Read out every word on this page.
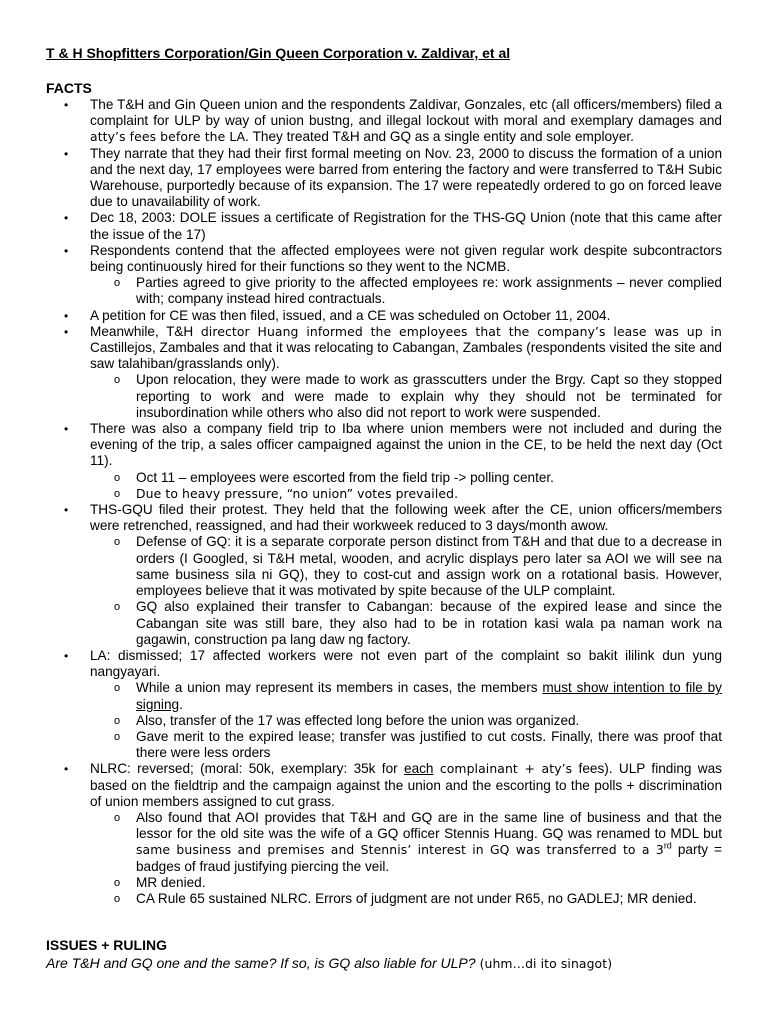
T & H Shopfitters Corporation/Gin Queen Corporation v. Zaldivar, et al
FACTS
• The T&H and Gin Queen union and the respondents Zaldivar, Gonzales, etc (all officers/members) filed a complaint for ULP by way of union bustng, and illegal lockout with moral and exemplary damages and atty’s fees before the LA. They treated T&H and GQ as a single entity and sole employer.
• They narrate that they had their first formal meeting on Nov. 23, 2000 to discuss the formation of a union and the next day, 17 employees were barred from entering the factory and were transferred to T&H Subic Warehouse, purportedly because of its expansion. The 17 were repeatedly ordered to go on forced leave due to unavailability of work.
• Dec 18, 2003: DOLE issues a certificate of Registration for the THS-GQ Union (note that this came after the issue of the 17)
• Respondents contend that the affected employees were not given regular work despite subcontractors being continuously hired for their functions so they went to the NCMB.
o Parties agreed to give priority to the affected employees re: work assignments – never complied with; company instead hired contractuals.
• A petition for CE was then filed, issued, and a CE was scheduled on October 11, 2004.
• Meanwhile, T&H director Huang informed the employees that the company’s lease was up in Castillejos, Zambales and that it was relocating to Cabangan, Zambales (respondents visited the site and saw talahiban/grasslands only).
o Upon relocation, they were made to work as grasscutters under the Brgy. Capt so they stopped reporting to work and were made to explain why they should not be terminated for insubordination while others who also did not report to work were suspended.
• There was also a company field trip to Iba where union members were not included and during the evening of the trip, a sales officer campaigned against the union in the CE, to be held the next day (Oct 11).
o Oct 11 – employees were escorted from the field trip -> polling center.
o Due to heavy pressure, “no union” votes prevailed.
• THS-GQU filed their protest. They held that the following week after the CE, union officers/members were retrenched, reassigned, and had their workweek reduced to 3 days/month awow.
o Defense of GQ: it is a separate corporate person distinct from T&H and that due to a decrease in orders (I Googled, si T&H metal, wooden, and acrylic displays pero later sa AOI we will see na same business sila ni GQ), they to cost-cut and assign work on a rotational basis. However, employees believe that it was motivated by spite because of the ULP complaint.
o GQ also explained their transfer to Cabangan: because of the expired lease and since the Cabangan site was still bare, they also had to be in rotation kasi wala pa naman work na gagawin, construction pa lang daw ng factory.
• LA: dismissed; 17 affected workers were not even part of the complaint so bakit ililink dun yung nangyayari.
o While a union may represent its members in cases, the members must show intention to file by signing.
o Also, transfer of the 17 was effected long before the union was organized.
o Gave merit to the expired lease; transfer was justified to cut costs. Finally, there was proof that there were less orders
• NLRC: reversed; (moral: 50k, exemplary: 35k for each complainant + aty’s fees). ULP finding was based on the fieldtrip and the campaign against the union and the escorting to the polls + discrimination of union members assigned to cut grass.
o Also found that AOI provides that T&H and GQ are in the same line of business and that the lessor for the old site was the wife of a GQ officer Stennis Huang. GQ was renamed to MDL but same business and premises and Stennis’ interest in GQ was transferred to a 3rd party = badges of fraud justifying piercing the veil.
o MR denied.
o CA Rule 65 sustained NLRC. Errors of judgment are not under R65, no GADLEJ; MR denied.
ISSUES + RULING
Are T&H and GQ one and the same? If so, is GQ also liable for ULP? (uhm…di ito sinagot)
